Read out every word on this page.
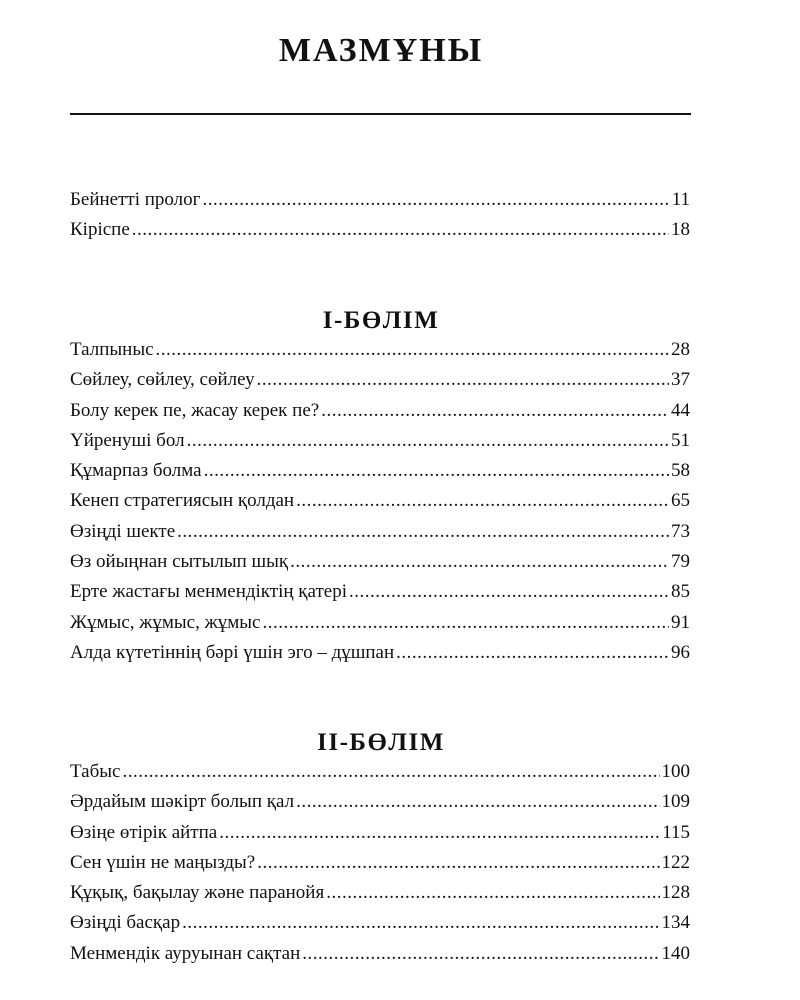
МАЗМҰНЫ
Бейнетті пролог .....	11
Кіріспе .....	18
І-БӨЛІМ
Талпыныс .....	28
Сөйлеу, сөйлеу, сөйлеу .....	37
Болу керек пе, жасау керек пе? .....	44
Үйренуші бол .....	51
Құмарпаз болма .....	58
Кенеп стратегиясын қолдан .....	65
Өзіңді шекте .....	73
Өз ойыңнан сытылып шық .....	79
Ерте жастағы менмендіктің қатері .....	85
Жұмыс, жұмыс, жұмыс .....	91
Алда күтетіннің бәрі үшін эго – дұшпан .....	96
ІІ-БӨЛІМ
Табыс .....	100
Әрдайым шәкірт болып қал .....	109
Өзіңе өтірік айтпа .....	115
Сен үшін не маңызды? .....	122
Құқық, бақылау және паранойя .....	128
Өзіңді басқар .....	134
Менмендік ауруынан сақтан .....	140
